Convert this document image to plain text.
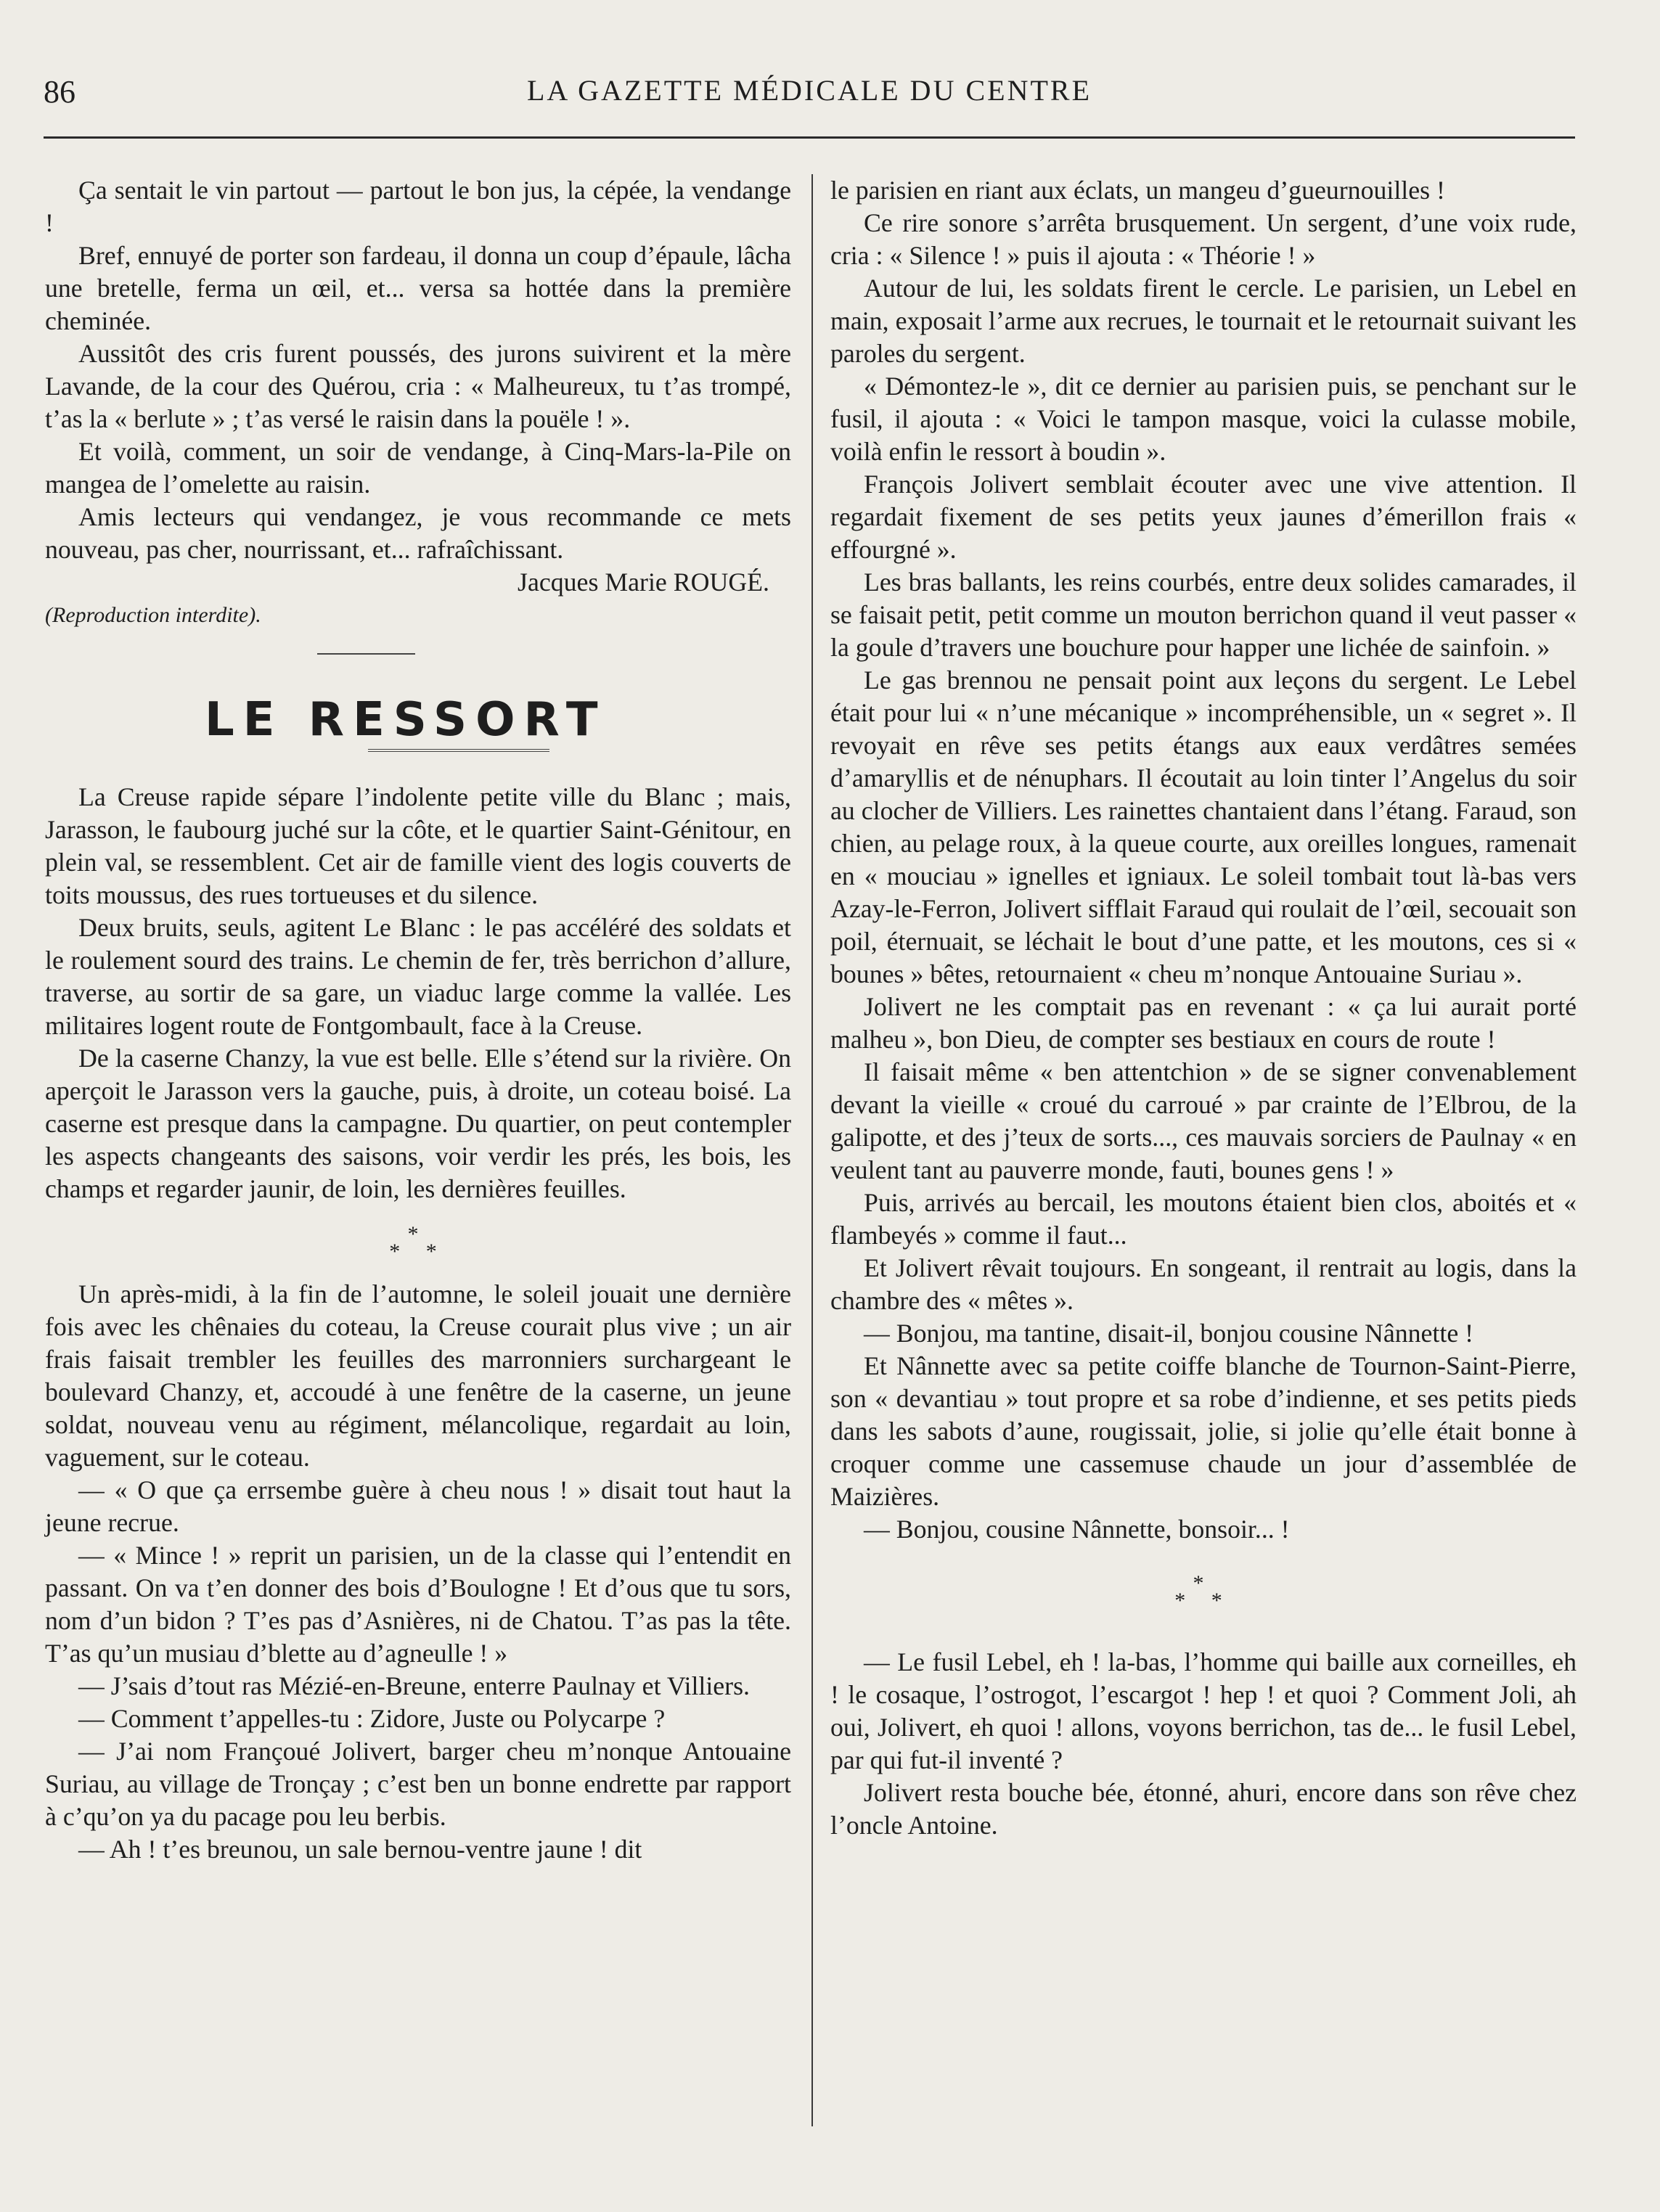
86	LA GAZETTE MÉDICALE DU CENTRE

Ça sentait le vin partout — partout le bon jus, la cépée, la vendange !

Bref, ennuyé de porter son fardeau, il donna un coup d’épaule, lâcha une bretelle, ferma un œil, et... versa sa hottée dans la première cheminée.

Aussitôt des cris furent poussés, des jurons suivirent et la mère Lavande, de la cour des Quérou, cria : « Malheureux, tu t’as trompé, t’as la « berlute » ; t’as versé le raisin dans la pouële ! ».

Et voilà, comment, un soir de vendange, à Cinq-Mars-la-Pile on mangea de l’omelette au raisin.

Amis lecteurs qui vendangez, je vous recommande ce mets nouveau, pas cher, nourrissant, et... rafraîchissant.

Jacques Marie ROUGÉ.

(Reproduction interdite).

LE RESSORT

La Creuse rapide sépare l’indolente petite ville du Blanc ; mais, Jarasson, le faubourg juché sur la côte, et le quartier Saint-Génitour, en plein val, se ressemblent. Cet air de famille vient des logis couverts de toits moussus, des rues tortueuses et du silence.

Deux bruits, seuls, agitent Le Blanc : le pas accéléré des soldats et le roulement sourd des trains. Le chemin de fer, très berrichon d’allure, traverse, au sortir de sa gare, un viaduc large comme la vallée. Les militaires logent route de Fontgombault, face à la Creuse.

De la caserne Chanzy, la vue est belle. Elle s’étend sur la rivière. On aperçoit le Jarasson vers la gauche, puis, à droite, un coteau boisé. La caserne est presque dans la campagne. Du quartier, on peut contempler les aspects changeants des saisons, voir verdir les prés, les bois, les champs et regarder jaunir, de loin, les dernières feuilles.

*
* *

Un après-midi, à la fin de l’automne, le soleil jouait une dernière fois avec les chênaies du coteau, la Creuse courait plus vive ; un air frais faisait trembler les feuilles des marronniers surchargeant le boulevard Chanzy, et, accoudé à une fenêtre de la caserne, un jeune soldat, nouveau venu au régiment, mélancolique, regardait au loin, vaguement, sur le coteau.

— « O que ça errsembe guère à cheu nous ! » disait tout haut la jeune recrue.

— « Mince ! » reprit un parisien, un de la classe qui l’entendit en passant. On va t’en donner des bois d’Boulogne ! Et d’ous que tu sors, nom d’un bidon ? T’es pas d’Asnières, ni de Chatou. T’as pas la tête. T’as qu’un musiau d’blette au d’agneulle ! »

— J’sais d’tout ras Mézié-en-Breune, enterre Paulnay et Villiers.

— Comment t’appelles-tu : Zidore, Juste ou Polycarpe ?

— J’ai nom Françoué Jolivert, barger cheu m’nonque Antouaine Suriau, au village de Tronçay ; c’est ben un bonne endrette par rapport à c’qu’on ya du pacage pou leu berbis.

— Ah ! t’es breunou, un sale bernou-ventre jaune ! dit

le parisien en riant aux éclats, un mangeu d’gueurnouilles !

Ce rire sonore s’arrêta brusquement. Un sergent, d’une voix rude, cria : « Silence ! » puis il ajouta : « Théorie ! »

Autour de lui, les soldats firent le cercle. Le parisien, un Lebel en main, exposait l’arme aux recrues, le tournait et le retournait suivant les paroles du sergent.

« Démontez-le », dit ce dernier au parisien puis, se penchant sur le fusil, il ajouta : « Voici le tampon masque, voici la culasse mobile, voilà enfin le ressort à boudin ».

François Jolivert semblait écouter avec une vive attention. Il regardait fixement de ses petits yeux jaunes d’émerillon frais « effourgné ».

Les bras ballants, les reins courbés, entre deux solides camarades, il se faisait petit, petit comme un mouton berrichon quand il veut passer « la goule d’travers une bouchure pour happer une lichée de sainfoin. »

Le gas brennou ne pensait point aux leçons du sergent. Le Lebel était pour lui « n’une mécanique » incompréhensible, un « segret ». Il revoyait en rêve ses petits étangs aux eaux verdâtres semées d’amaryllis et de nénuphars. Il écoutait au loin tinter l’Angelus du soir au clocher de Villiers. Les rainettes chantaient dans l’étang. Faraud, son chien, au pelage roux, à la queue courte, aux oreilles longues, ramenait en « mouciau » ignelles et igniaux. Le soleil tombait tout là-bas vers Azay-le-Ferron, Jolivert sifflait Faraud qui roulait de l’œil, secouait son poil, éternuait, se léchait le bout d’une patte, et les moutons, ces si « bounes » bêtes, retournaient « cheu m’nonque Antouaine Suriau ».

Jolivert ne les comptait pas en revenant : « ça lui aurait porté malheu », bon Dieu, de compter ses bestiaux en cours de route !

Il faisait même « ben attentchion » de se signer convenablement devant la vieille « croué du carroué » par crainte de l’Elbrou, de la galipotte, et des j’teux de sorts..., ces mauvais sorciers de Paulnay « en veulent tant au pauverre monde, fauti, bounes gens ! »

Puis, arrivés au bercail, les moutons étaient bien clos, aboités et « flambeyés » comme il faut...

Et Jolivert rêvait toujours. En songeant, il rentrait au logis, dans la chambre des « mêtes ».

— Bonjou, ma tantine, disait-il, bonjou cousine Nânnette !

Et Nânnette avec sa petite coiffe blanche de Tournon-Saint-Pierre, son « devantiau » tout propre et sa robe d’indienne, et ses petits pieds dans les sabots d’aune, rougissait, jolie, si jolie qu’elle était bonne à croquer comme une cassemuse chaude un jour d’assemblée de Maizières.

— Bonjou, cousine Nânnette, bonsoir... !

*
* *

— Le fusil Lebel, eh ! la-bas, l’homme qui baille aux corneilles, eh ! le cosaque, l’ostrogot, l’escargot ! hep ! et quoi ? Comment Joli, ah oui, Jolivert, eh quoi ! allons, voyons berrichon, tas de... le fusil Lebel, par qui fut-il inventé ?

Jolivert resta bouche bée, étonné, ahuri, encore dans son rêve chez l’oncle Antoine.
